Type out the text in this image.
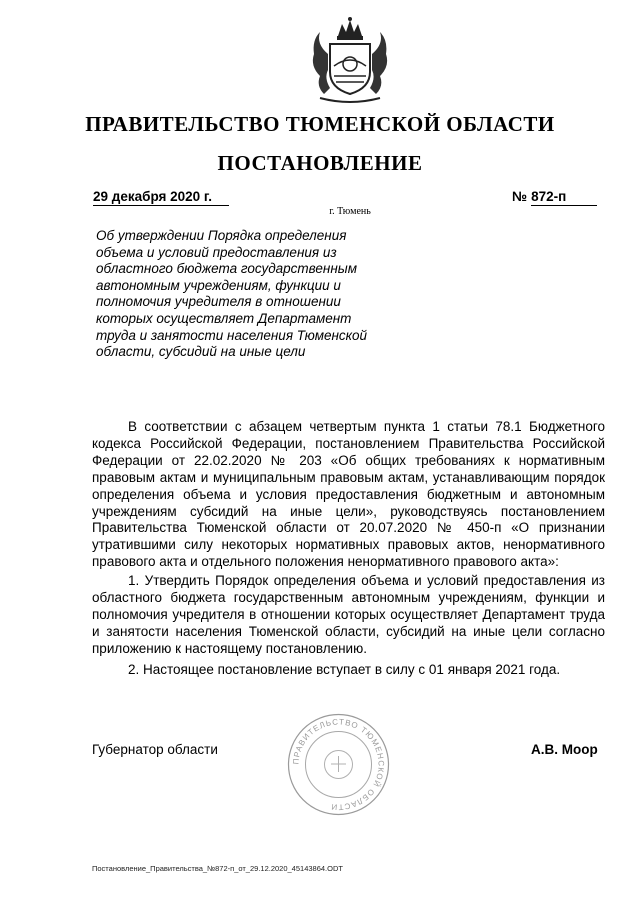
ПРАВИТЕЛЬСТВО ТЮМЕНСКОЙ ОБЛАСТИ
ПОСТАНОВЛЕНИЕ
29 декабря 2020 г.	№ 872-п
г. Тюмень
Об утверждении Порядка определения объема и условий предоставления из областного бюджета государственным автономным учреждениям, функции и полномочия учредителя в отношении которых осуществляет Департамент труда и занятости населения Тюменской области, субсидий на иные цели

В соответствии с абзацем четвертым пункта 1 статьи 78.1 Бюджетного кодекса Российской Федерации, постановлением Правительства Российской Федерации от 22.02.2020 № 203 «Об общих требованиях к нормативным правовым актам и муниципальным правовым актам, устанавливающим порядок определения объема и условия предоставления бюджетным и автономным учреждениям субсидий на иные цели», руководствуясь постановлением Правительства Тюменской области от 20.07.2020 № 450-п «О признании утратившими силу некоторых нормативных правовых актов, ненормативного правового акта и отдельного положения ненормативного правового акта»:

1. Утвердить Порядок определения объема и условий предоставления из областного бюджета государственным автономным учреждениям, функции и полномочия учредителя в отношении которых осуществляет Департамент труда и занятости населения Тюменской области, субсидий на иные цели согласно приложению к настоящему постановлению.

2. Настоящее постановление вступает в силу с 01 января 2021 года.

Губернатор области
ПРАВИТЕЛЬСТВО ТЮМЕНСКОЙ ОБЛАСТИ
А.В. Моор
Постановление_Правительства_№872-п_от_29.12.2020_45143864.ODT
